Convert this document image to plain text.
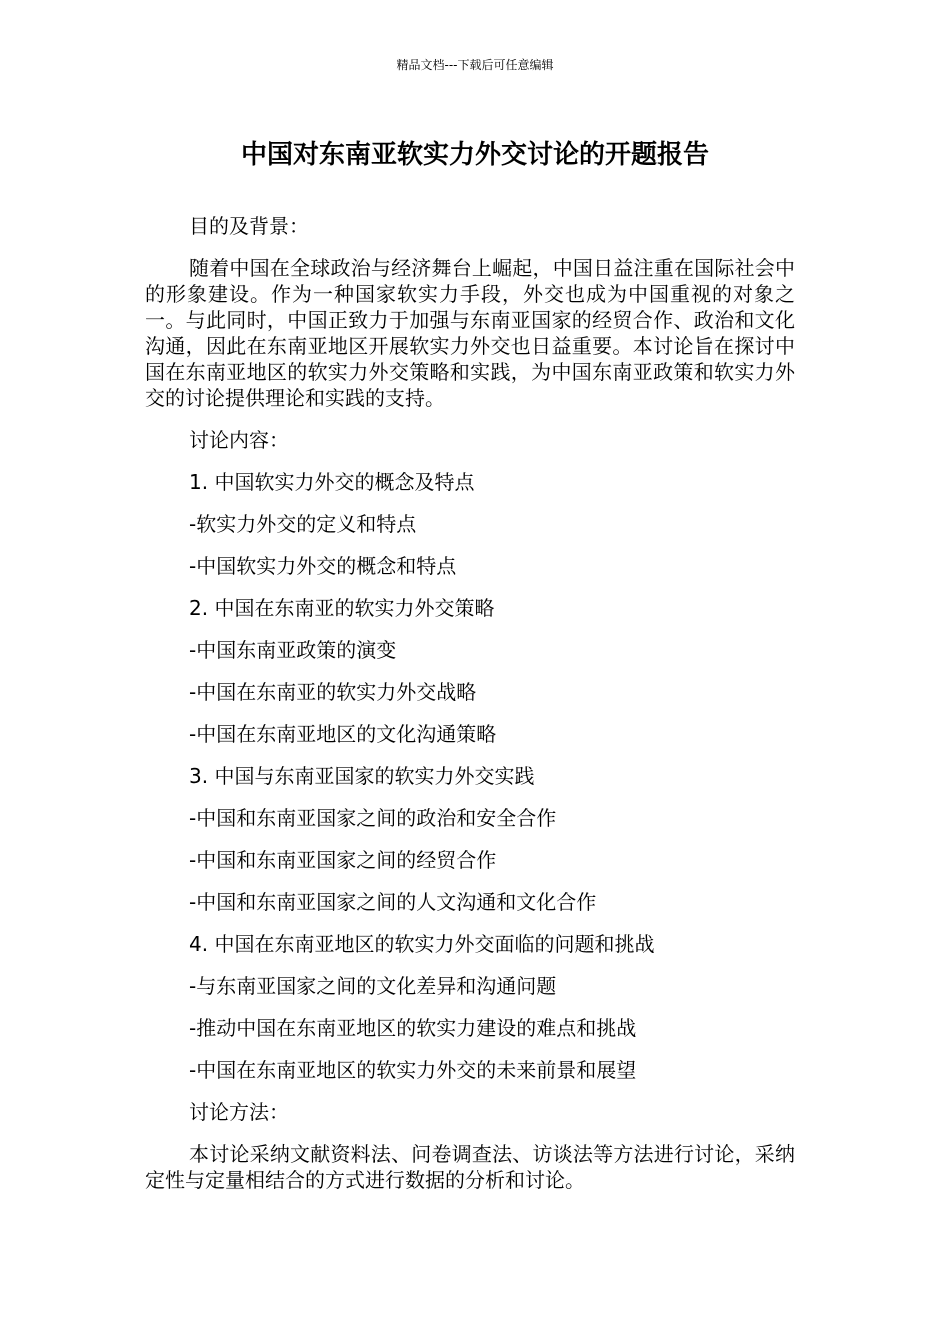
精品文档---下载后可任意编辑
中国对东南亚软实力外交讨论的开题报告

目的及背景：

随着中国在全球政治与经济舞台上崛起，中国日益注重在国际社会中的形象建设。作为一种国家软实力手段，外交也成为中国重视的对象之一。与此同时，中国正致力于加强与东南亚国家的经贸合作、政治和文化沟通，因此在东南亚地区开展软实力外交也日益重要。本讨论旨在探讨中国在东南亚地区的软实力外交策略和实践，为中国东南亚政策和软实力外交的讨论提供理论和实践的支持。

讨论内容：

1. 中国软实力外交的概念及特点

-软实力外交的定义和特点

-中国软实力外交的概念和特点

2. 中国在东南亚的软实力外交策略

-中国东南亚政策的演变

-中国在东南亚的软实力外交战略

-中国在东南亚地区的文化沟通策略

3. 中国与东南亚国家的软实力外交实践

-中国和东南亚国家之间的政治和安全合作

-中国和东南亚国家之间的经贸合作

-中国和东南亚国家之间的人文沟通和文化合作

4. 中国在东南亚地区的软实力外交面临的问题和挑战

-与东南亚国家之间的文化差异和沟通问题

-推动中国在东南亚地区的软实力建设的难点和挑战

-中国在东南亚地区的软实力外交的未来前景和展望

讨论方法：

本讨论采纳文献资料法、问卷调查法、访谈法等方法进行讨论，采纳定性与定量相结合的方式进行数据的分析和讨论。
